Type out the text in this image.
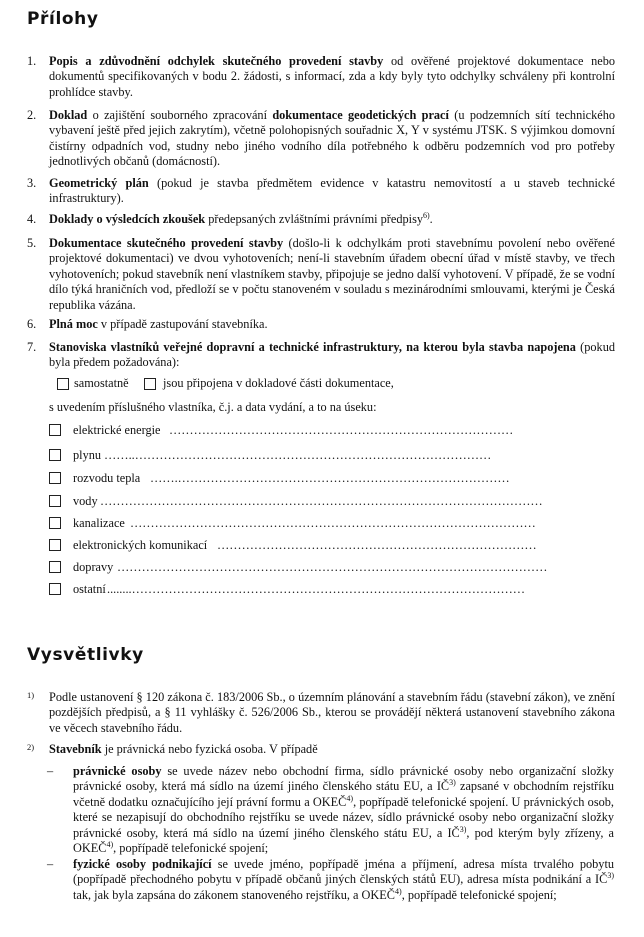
Přílohy
1. Popis a zdůvodnění odchylek skutečného provedení stavby od ověřené projektové dokumentace nebo dokumentů specifikovaných v bodu 2. žádosti, s informací, zda a kdy byly tyto odchylky schváleny při kontrolní prohlídce stavby.
2. Doklad o zajištění souborného zpracování dokumentace geodetických prací (u podzemních sítí technického vybavení ještě před jejich zakrytím), včetně polohopisných souřadnic X, Y v systému JTSK. S výjimkou domovní čistírny odpadních vod, studny nebo jiného vodního díla potřebného k odběru podzemních vod pro potřeby jednotlivých občanů (domácností).
3. Geometrický plán (pokud je stavba předmětem evidence v katastru nemovitostí a u staveb technické infrastruktury).
4. Doklady o výsledcích zkoušek předepsaných zvláštními právními předpisy$^{6)}$.
5. Dokumentace skutečného provedení stavby (došlo-li k odchylkám proti stavebnímu povolení nebo ověřené projektové dokumentaci) ve dvou vyhotoveních; není-li stavebním úřadem obecní úřad v místě stavby, ve třech vyhotoveních; pokud stavebník není vlastníkem stavby, připojuje se jedno další vyhotovení. V případě, že se vodní dílo týká hraničních vod, předloží se v počtu stanoveném v souladu s mezinárodními smlouvami, kterými je Česká republika vázána.
6. Plná moc v případě zastupování stavebníka.
7. Stanoviska vlastníků veřejné dopravní a technické infrastruktury, na kterou byla stavba napojena (pokud byla předem požadována):
samostatně	jsou připojena v dokladové části dokumentace,
s uvedením příslušného vlastníka, č.j. a data vydání, a to na úseku:
elektrické energie …………………………………………………………………………
plynu ……..……………………………………………………………………………
rozvodu tepla …….………………………………………………………………………
vody ………………………………………………………………………………………………
kanalizace ………………………………………………………………………………………
elektronických komunikací ……………………………………………………………………
dopravy ……………………………………………………………………………………………
ostatní ........……………………………………………………………………………………
Vysvětlivky
1) Podle ustanovení § 120 zákona č. 183/2006 Sb., o územním plánování a stavebním řádu (stavební zákon), ve znění pozdějších předpisů, a § 11 vyhlášky č. 526/2006 Sb., kterou se provádějí některá ustanovení stavebního zákona ve věcech stavebního řádu.
2) Stavebník je právnická nebo fyzická osoba. V případě
– právnické osoby se uvede název nebo obchodní firma, sídlo právnické osoby nebo organizační složky právnické osoby, která má sídlo na území jiného členského státu EU, a IČ$^{3)}$ zapsané v obchodním rejstříku včetně dodatku označujícího její právní formu a OKEČ$^{4)}$, popřípadě telefonické spojení. U právnických osob, které se nezapisují do obchodního rejstříku se uvede název, sídlo právnické osoby nebo organizační složky právnické osoby, která má sídlo na území jiného členského státu EU, a IČ$^{3)}$, pod kterým byly zřízeny, a OKEČ$^{4)}$, popřípadě telefonické spojení;
– fyzické osoby podnikající se uvede jméno, popřípadě jména a příjmení, adresa místa trvalého pobytu (popřípadě přechodného pobytu v případě občanů jiných členských států EU), adresa místa podnikání a IČ$^{3)}$ tak, jak byla zapsána do zákonem stanoveného rejstříku, a OKEČ$^{4)}$, popřípadě telefonické spojení;
